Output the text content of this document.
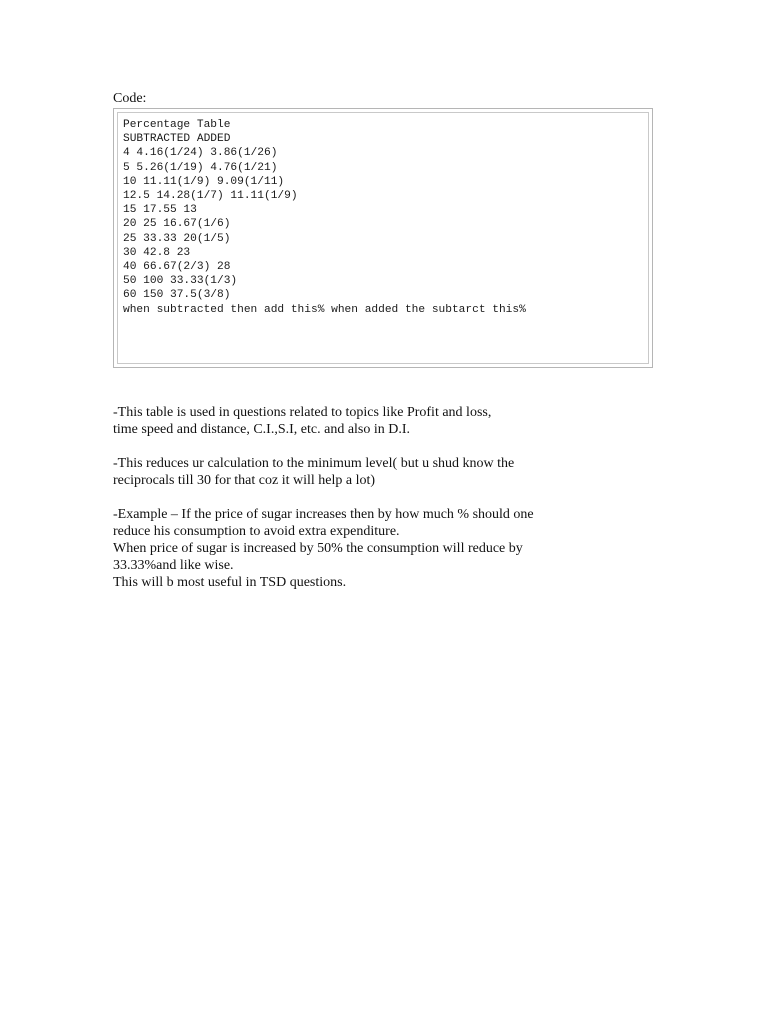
Code:
Percentage Table
SUBTRACTED ADDED
4 4.16(1/24) 3.86(1/26)
5 5.26(1/19) 4.76(1/21)
10 11.11(1/9) 9.09(1/11)
12.5 14.28(1/7) 11.11(1/9)
15 17.55 13
20 25 16.67(1/6)
25 33.33 20(1/5)
30 42.8 23
40 66.67(2/3) 28
50 100 33.33(1/3)
60 150 37.5(3/8)
when subtracted then add this% when added the subtarct this%

-This table is used in questions related to topics like Profit and loss,
time speed and distance, C.I.,S.I, etc. and also in D.I.

-This reduces ur calculation to the minimum level( but u shud know the
reciprocals till 30 for that coz it will help a lot)

-Example – If the price of sugar increases then by how much % should one
reduce his consumption to avoid extra expenditure.
When price of sugar is increased by 50% the consumption will reduce by
33.33%and like wise.
This will b most useful in TSD questions.
